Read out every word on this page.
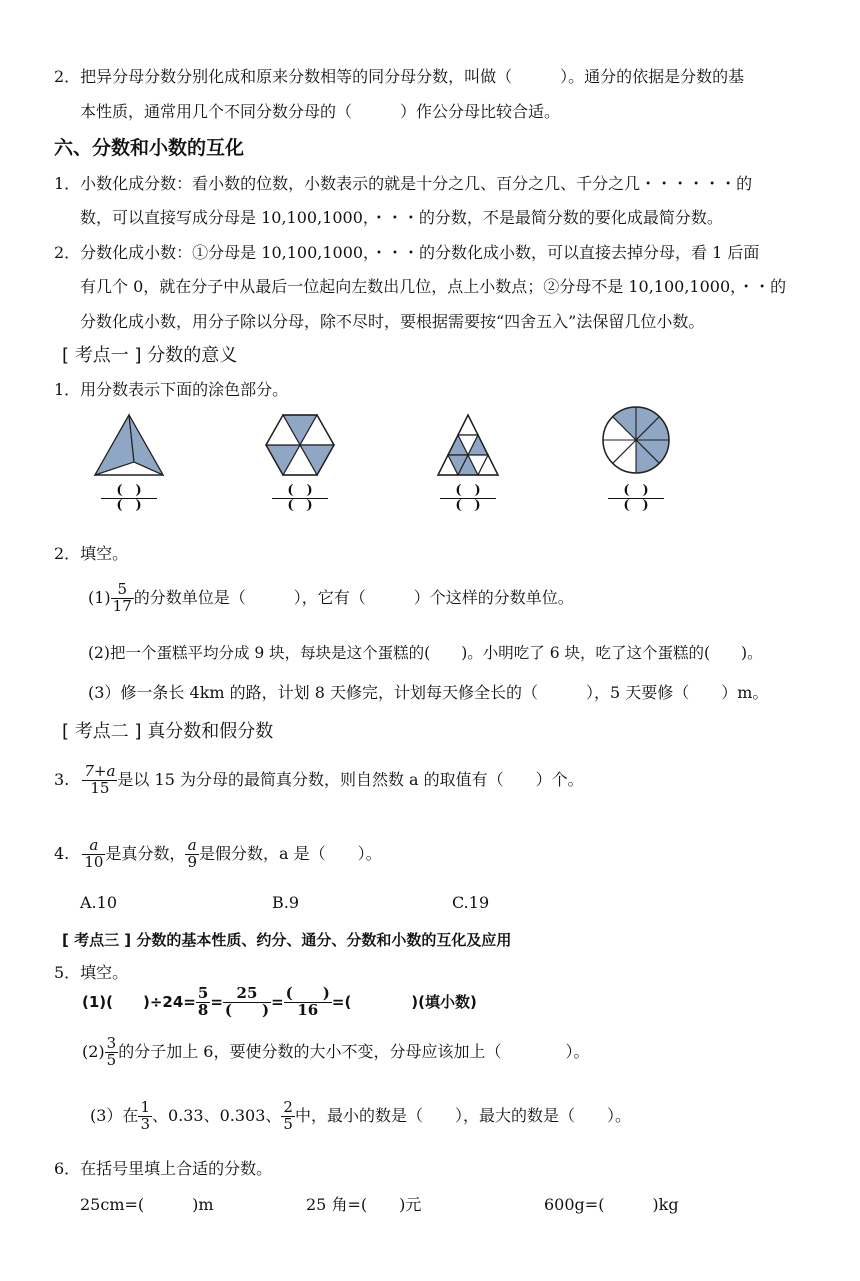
2．把异分母分数分别化成和原来分数相等的同分母分数，叫做（　　　）。通分的依据是分数的基
本性质，通常用几个不同分数分母的（　　　）作公分母比较合适。
六、分数和小数的互化
1．小数化成分数：看小数的位数，小数表示的就是十分之几、百分之几、千分之几・・・・・・的
数，可以直接写成分母是 10,100,1000，・・・的分数，不是最简分数的要化成最简分数。
2．分数化成小数：①分母是 10,100,1000，・・・的分数化成小数，可以直接去掉分母，看 1 后面
有几个 0，就在分子中从最后一位起向左数出几位，点上小数点；②分母不是 10,100,1000，・・的
分数化成小数，用分子除以分母，除不尽时，要根据需要按“四舍五入”法保留几位小数。
[ 考点一 ] 分数的意义
1．用分数表示下面的涂色部分。
(　)
(　)
(　)
(　)
(　)
(　)
(　)
(　)
2．填空。
$(1) \frac{5}{17}$ 的分数单位是（　　　），它有（　　　）个这样的分数单位。
(2)把一个蛋糕平均分成 9 块，每块是这个蛋糕的(　　)。小明吃了 6 块，吃了这个蛋糕的(　　)。
(3）修一条长 4km 的路，计划 8 天修完，计划每天修全长的（　　　），5 天要修（　　）m。
[ 考点二 ] 真分数和假分数
3. $\frac{7+a}{15}$ 是以 15 为分母的最简真分数，则自然数 a 的取值有（　　）个。
4. $\frac{a}{10}$ 是真分数， $\frac{a}{9}$ 是假分数，a 是（　　）。
A.10	B.9	C.19
[ 考点三 ] 分数的基本性质、约分、通分、分数和小数的互化及应用
5．填空。
(1)(　　)$\div 24= \frac{5}{8} = 25$
(　　) = (　　)
16 =(　　　　)(填小数)
$(2) \frac{3}{5}$ 的分子加上 6，要使分数的大小不变，分母应该加上（　　　　）。
(3）在 $\frac{1}{3}$ 、0.33、0.303、 $\frac{2}{5}$ 中，最小的数是（　　），最大的数是（　　）。
6．在括号里填上合适的分数。
25cm=(　　　)m	25 角=(　　)元	600g=(　　　)kg
